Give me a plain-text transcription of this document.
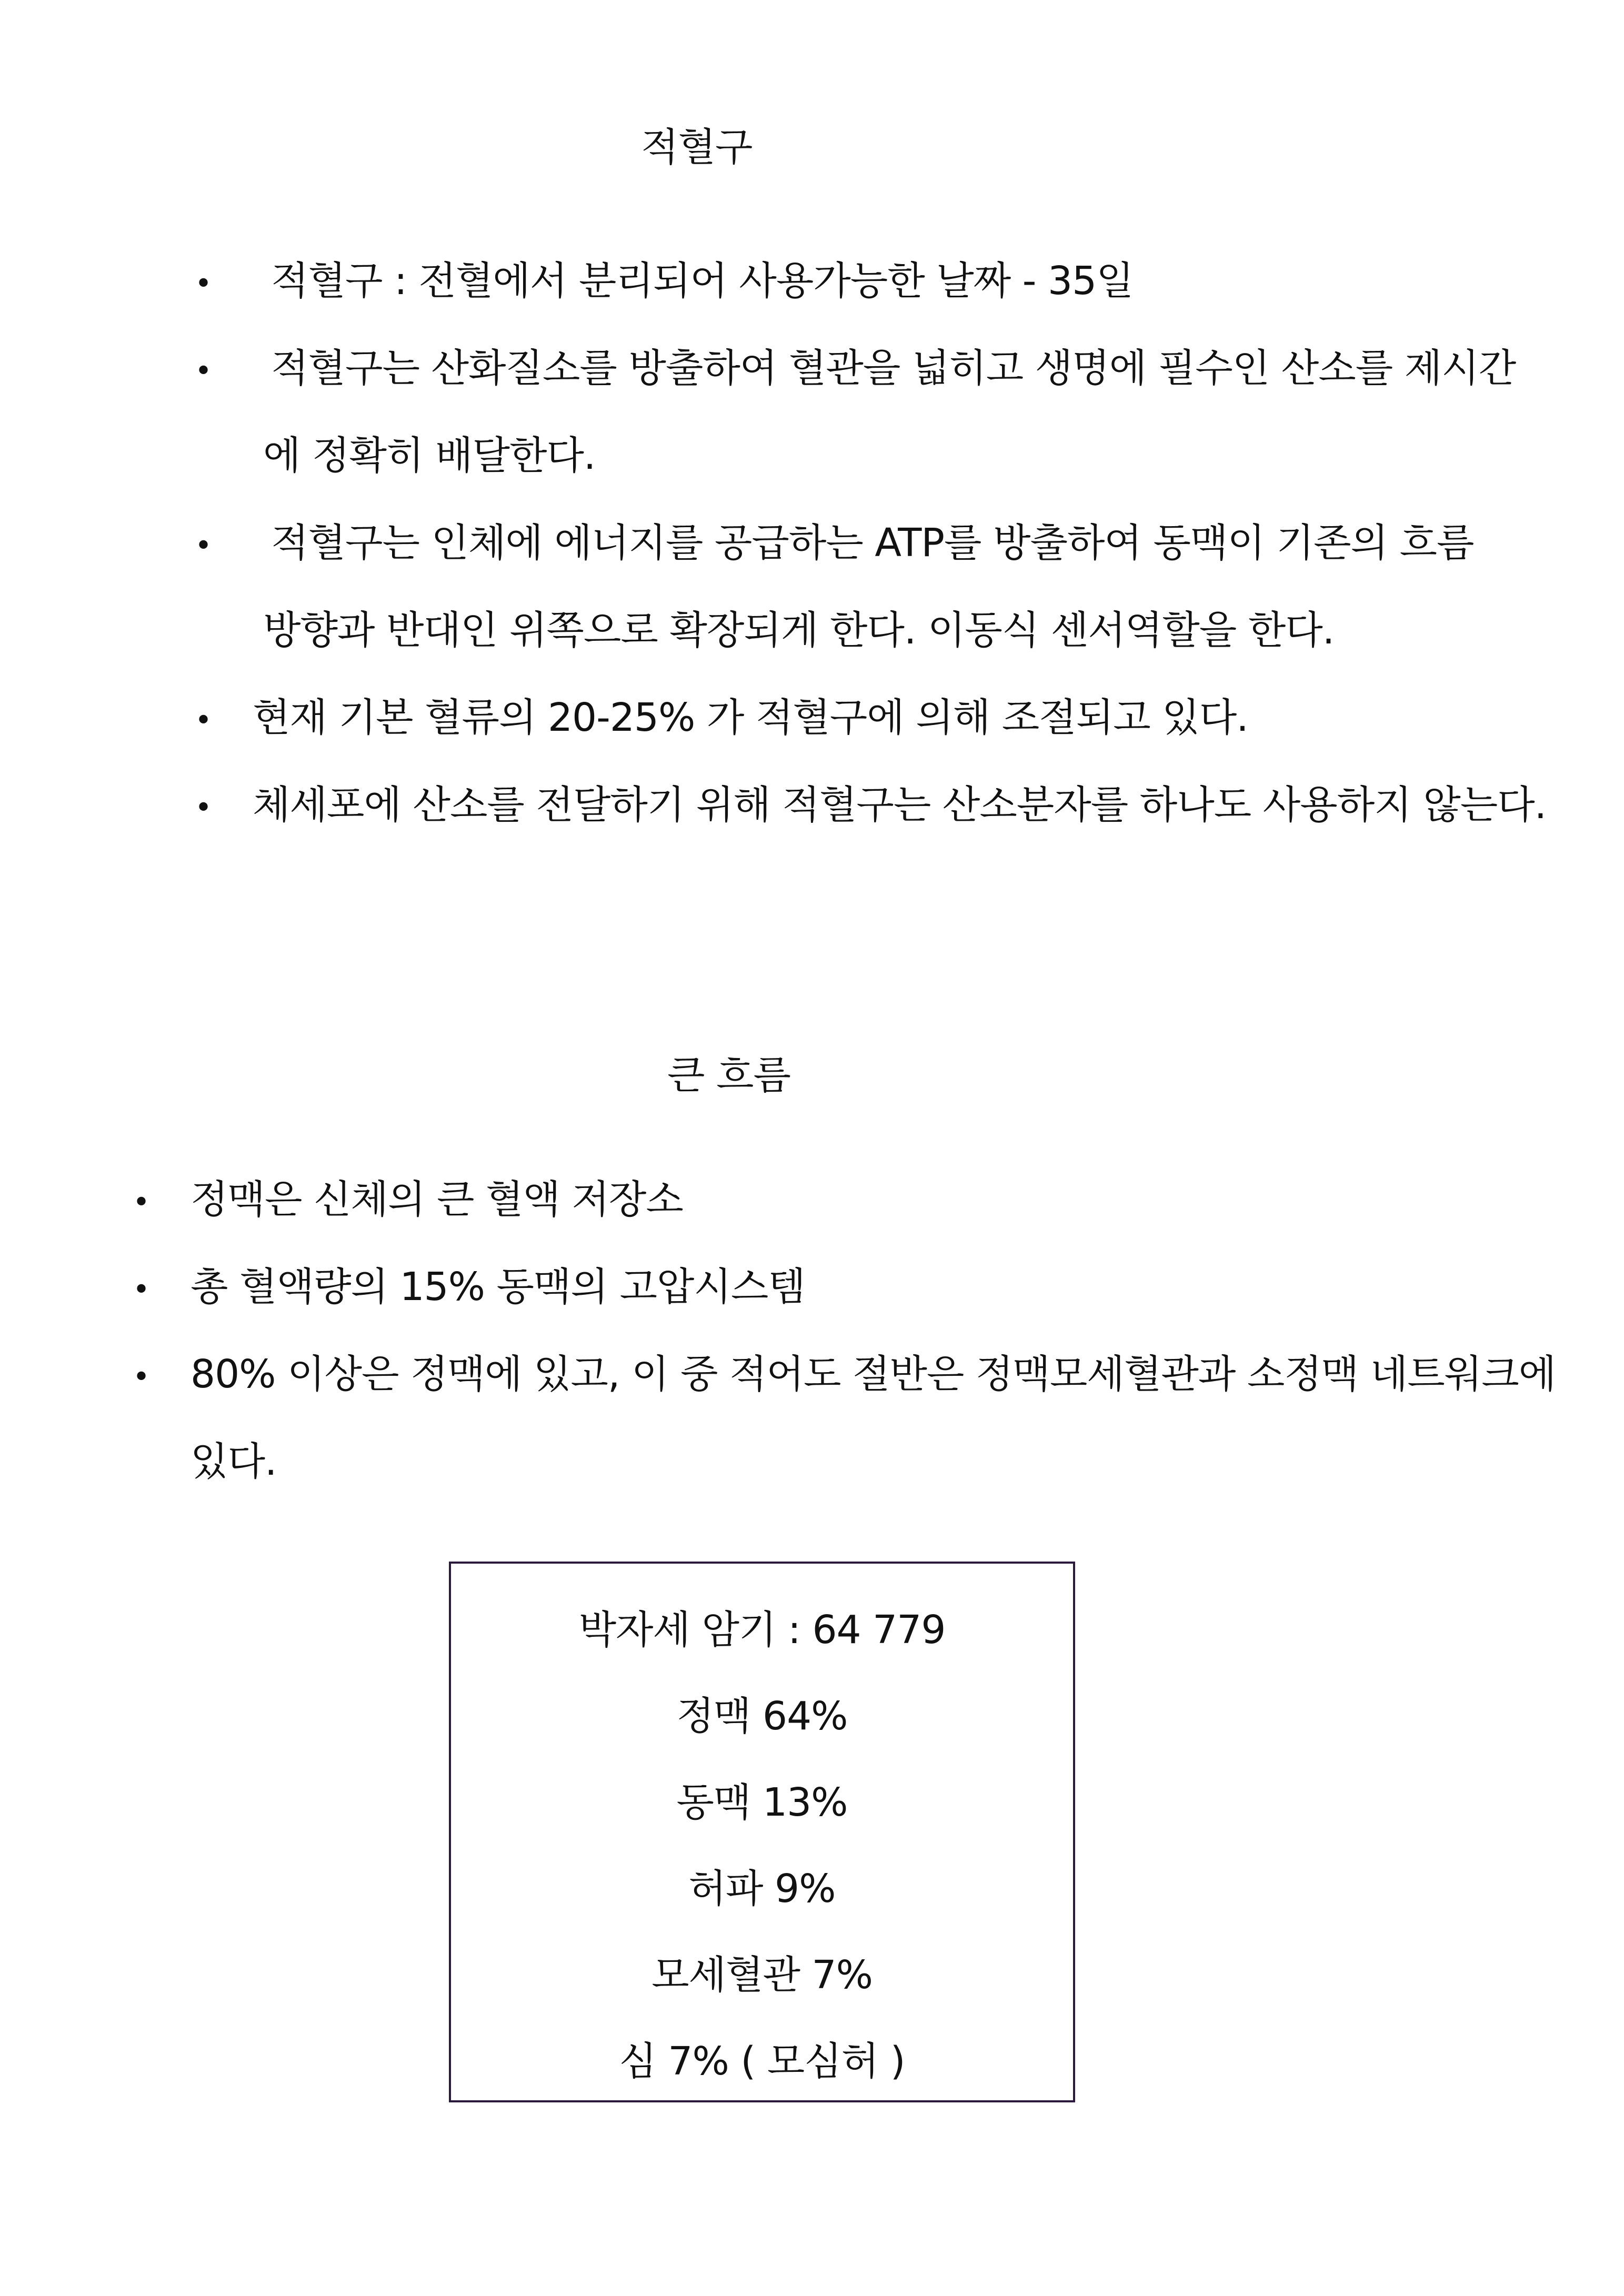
적혈구
• 적혈구 : 전혈에서 분리되어 사용가능한 날짜 - 35일
• 적혈구는 산화질소를 방출하여 혈관을 넓히고 생명에 필수인 산소를 제시간
에 정확히 배달한다.
• 적혈구는 인체에 에너지를 공급하는 ATP를 방출하여 동맥이 기존의 흐름
방향과 반대인 위쪽으로 확장되게 한다. 이동식 센서역할을 한다.
• 현재 기본 혈류의 20-25% 가 적혈구에 의해 조절되고 있다.
• 체세포에 산소를 전달하기 위해 적혈구는 산소분자를 하나도 사용하지 않는다.
큰 흐름
• 정맥은 신체의 큰 혈액 저장소
• 총 혈액량의 15% 동맥의 고압시스템
• 80% 이상은 정맥에 있고, 이 중 적어도 절반은 정맥모세혈관과 소정맥 네트워크에
있다.
박자세 암기 : 64 779
정맥 64%
동맥 13%
허파 9%
모세혈관 7%
심 7% ( 모심허 )
